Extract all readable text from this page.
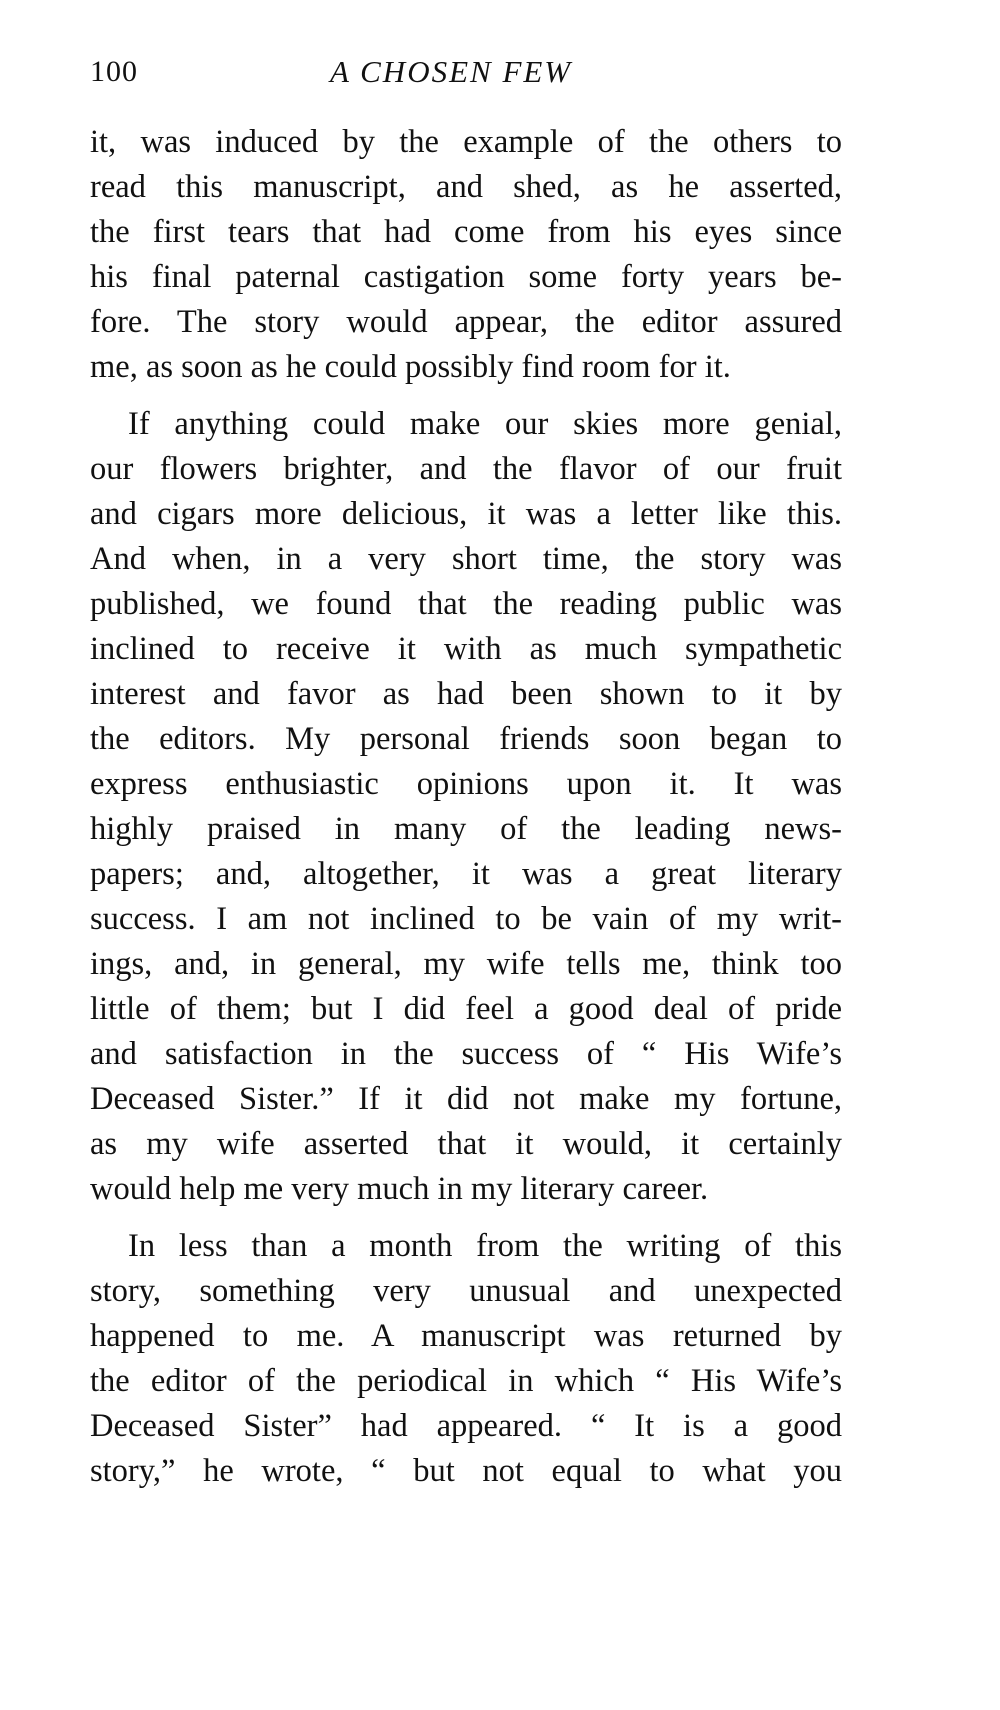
100	A CHOSEN FEW
it, was induced by the example of the others to
read this manuscript, and shed, as he asserted,
the first tears that had come from his eyes since
his final paternal castigation some forty years be-
fore. The story would appear, the editor assured
me, as soon as he could possibly find room for it.
If anything could make our skies more genial,
our flowers brighter, and the flavor of our fruit
and cigars more delicious, it was a letter like this.
And when, in a very short time, the story was
published, we found that the reading public was
inclined to receive it with as much sympathetic
interest and favor as had been shown to it by
the editors. My personal friends soon began to
express enthusiastic opinions upon it. It was
highly praised in many of the leading news-
papers; and, altogether, it was a great literary
success. I am not inclined to be vain of my writ-
ings, and, in general, my wife tells me, think too
little of them; but I did feel a good deal of pride
and satisfaction in the success of “ His Wife’s
Deceased Sister.” If it did not make my fortune,
as my wife asserted that it would, it certainly
would help me very much in my literary career.
In less than a month from the writing of this
story, something very unusual and unexpected
happened to me. A manuscript was returned by
the editor of the periodical in which “ His Wife’s
Deceased Sister” had appeared. “ It is a good
story,” he wrote, “ but not equal to what you
